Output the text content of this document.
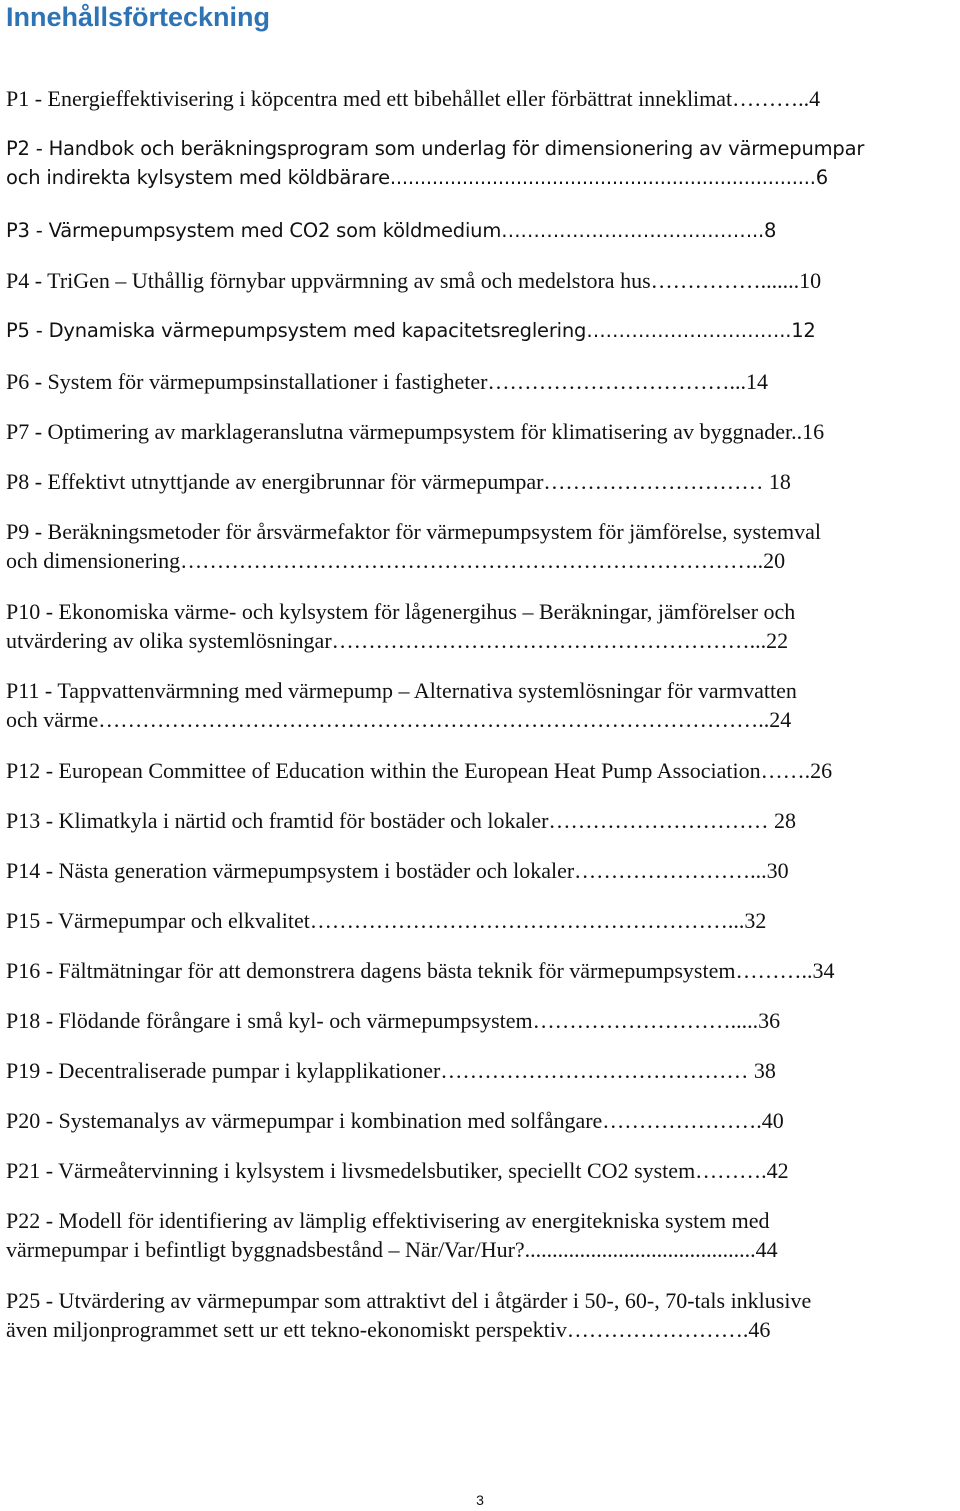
Innehållsförteckning
P1 - Energieffektivisering i köpcentra med ett bibehållet eller förbättrat inneklimat………..4
P2 - Handbok och beräkningsprogram som underlag för dimensionering av värmepumpar
och indirekta kylsystem med köldbärare.......................................................................6
P3 - Värmepumpsystem med CO2 som köldmedium…………………………………..8
P4 - TriGen – Uthållig förnybar uppvärmning av små och medelstora hus…………….......10
P5 - Dynamiska värmepumpsystem med kapacitetsreglering…………………………..12
P6 - System för värmepumpsinstallationer i fastigheter……………………………...14
P7 - Optimering av marklageranslutna värmepumpsystem för klimatisering av byggnader..16
P8 - Effektivt utnyttjande av energibrunnar för värmepumpar………………………… 18
P9 - Beräkningsmetoder för årsvärmefaktor för värmepumpsystem för jämförelse, systemval
och dimensionering……………………………………………………………………..20
P10 - Ekonomiska värme- och kylsystem för lågenergihus – Beräkningar, jämförelser och
utvärdering av olika systemlösningar…………………………………………………...22
P11 - Tappvattenvärmning med värmepump – Alternativa systemlösningar för varmvatten
och värme………………………………………………………………………………..24
P12 - European Committee of Education within the European Heat Pump Association…….26
P13 - Klimatkyla i närtid och framtid för bostäder och lokaler………………………… 28
P14 - Nästa generation värmepumpsystem i bostäder och lokaler……………………...30
P15 - Värmepumpar och elkvalitet…………………………………………………...32
P16 - Fältmätningar för att demonstrera dagens bästa teknik för värmepumpsystem………..34
P18 - Flödande förångare i små kyl- och värmepumpsystem……………………….....36
P19 - Decentraliserade pumpar i kylapplikationer…………………………………… 38
P20 - Systemanalys av värmepumpar i kombination med solfångare………………….40
P21 - Värmeåtervinning i kylsystem i livsmedelsbutiker, speciellt CO2 system……….42
P22 - Modell för identifiering av lämplig effektivisering av energitekniska system med
värmepumpar i befintligt byggnadsbestånd – När/Var/Hur?..........................................44
P25 - Utvärdering av värmepumpar som attraktivt del i åtgärder i 50-, 60-, 70-tals inklusive
även miljonprogrammet sett ur ett tekno-ekonomiskt perspektiv…………………….46
3
